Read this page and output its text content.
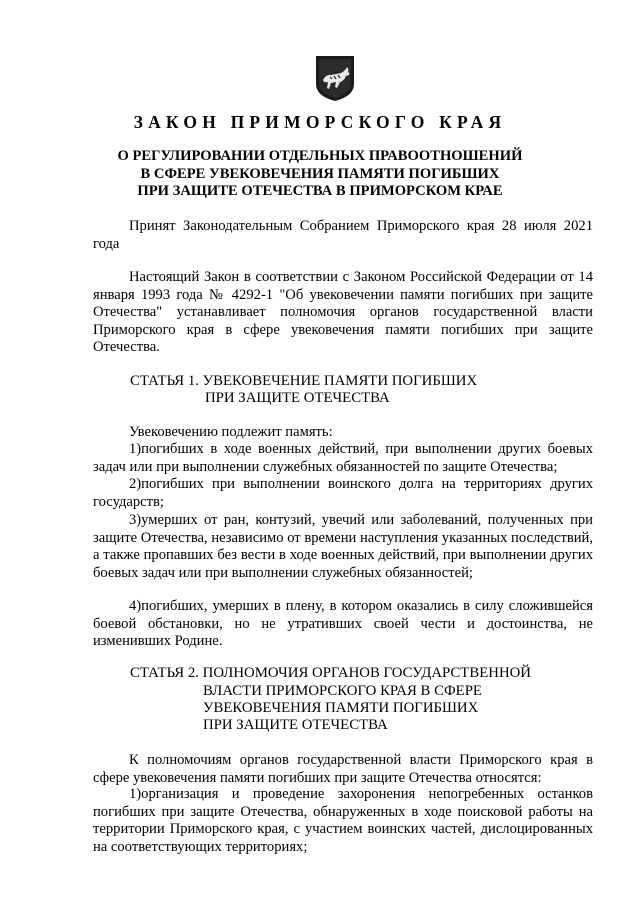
ЗАКОН ПРИМОРСКОГО КРАЯ
О РЕГУЛИРОВАНИИ ОТДЕЛЬНЫХ ПРАВООТНОШЕНИЙ
В СФЕРЕ УВЕКОВЕЧЕНИЯ ПАМЯТИ ПОГИБШИХ
ПРИ ЗАЩИТЕ ОТЕЧЕСТВА В ПРИМОРСКОМ КРАЕ
Принят Законодательным Собранием Приморского края 28 июля 2021 года
Настоящий Закон в соответствии с Законом Российской Федерации от 14 января 1993 года № 4292-1 "Об увековечении памяти погибших при защите Отечества" устанавливает полномочия органов государственной власти Приморского края в сфере увековечения памяти погибших при защите Отечества.
СТАТЬЯ 1. УВЕКОВЕЧЕНИЕ ПАМЯТИ ПОГИБШИХ
ПРИ ЗАЩИТЕ ОТЕЧЕСТВА
Увековечению подлежит память:
1)погибших в ходе военных действий, при выполнении других боевых задач или при выполнении служебных обязанностей по защите Отечества;
2)погибших при выполнении воинского долга на территориях других государств;
3)умерших от ран, контузий, увечий или заболеваний, полученных при защите Отечества, независимо от времени наступления указанных последствий, а также пропавших без вести в ходе военных действий, при выполнении других боевых задач или при выполнении служебных обязанностей;
4)погибших, умерших в плену, в котором оказались в силу сложившейся боевой обстановки, но не утративших своей чести и достоинства, не изменивших Родине.
СТАТЬЯ 2. ПОЛНОМОЧИЯ ОРГАНОВ ГОСУДАРСТВЕННОЙ
ВЛАСТИ ПРИМОРСКОГО КРАЯ В СФЕРЕ
УВЕКОВЕЧЕНИЯ ПАМЯТИ ПОГИБШИХ
ПРИ ЗАЩИТЕ ОТЕЧЕСТВА
К полномочиям органов государственной власти Приморского края в сфере увековечения памяти погибших при защите Отечества относятся:
1)организация и проведение захоронения непогребенных останков погибших при защите Отечества, обнаруженных в ходе поисковой работы на территории Приморского края, с участием воинских частей, дислоцированных на соответствующих территориях;
